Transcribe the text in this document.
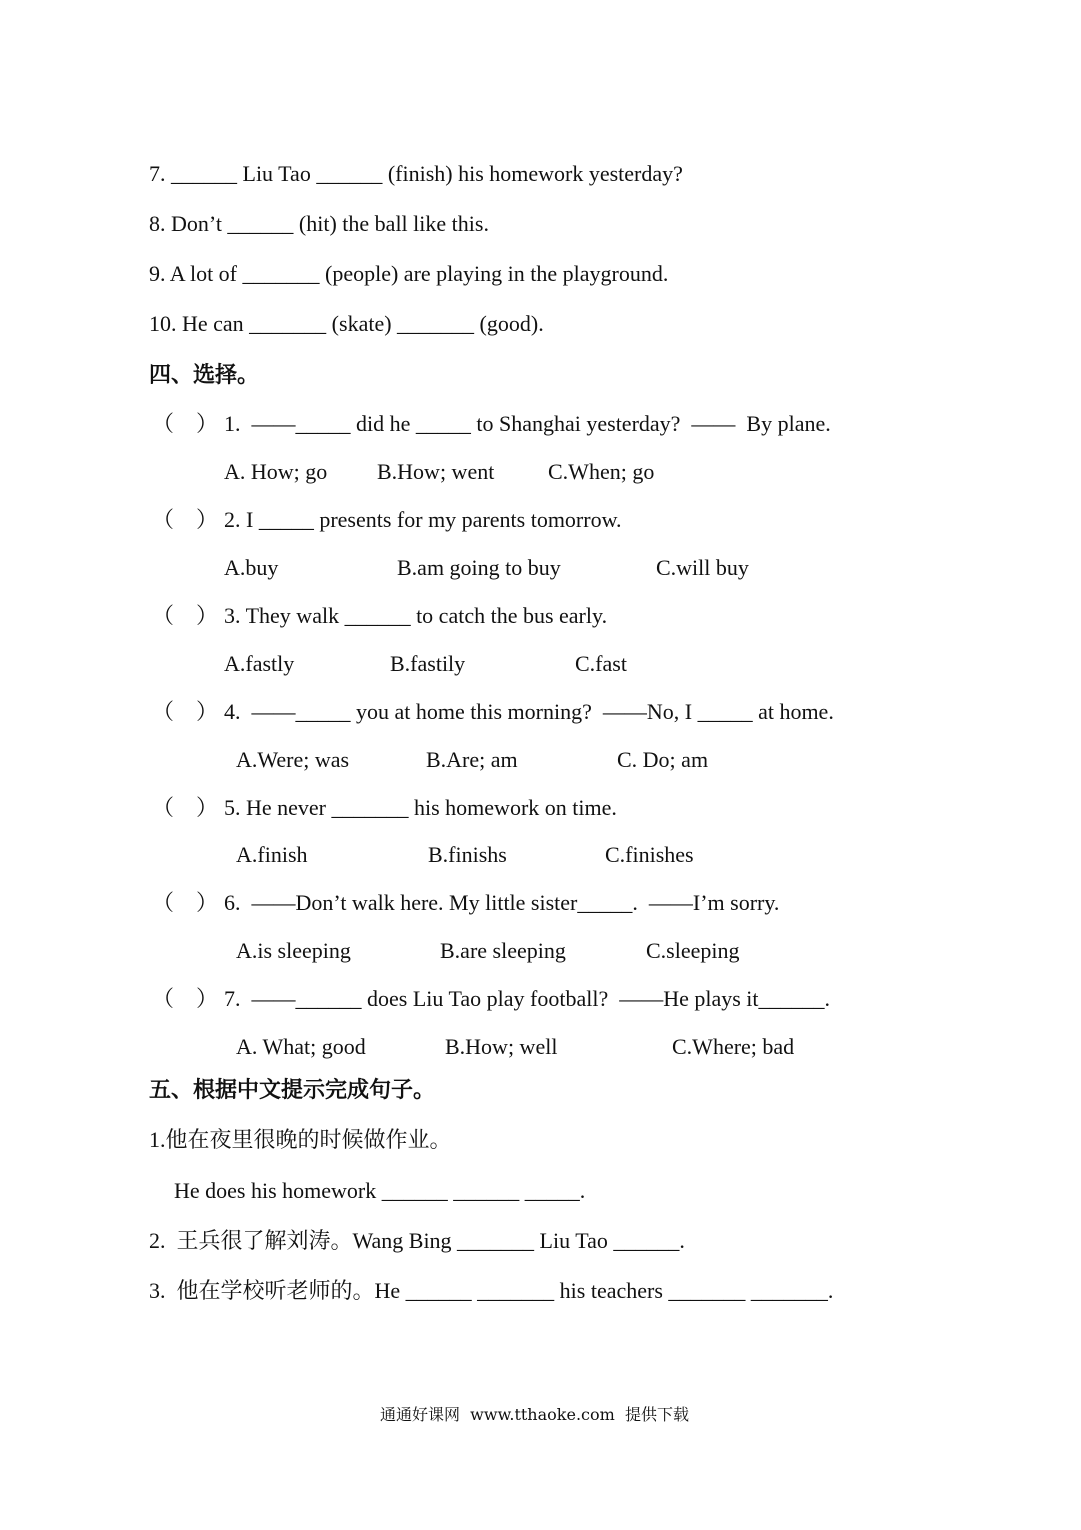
7. ______ Liu Tao ______ (finish) his homework yesterday?
8. Don’t ______ (hit) the ball like this.
9. A lot of _______ (people) are playing in the playground.
10. He can _______ (skate) _______ (good).
四、选择。
（    ） 1.  ——_____ did he _____ to Shanghai yesterday?  ——  By plane.
A. How; go B.How; went C.When; go
（    ） 2. I _____ presents for my parents tomorrow.
A.buy	B.am going to buy	C.will buy
（    ） 3. They walk ______ to catch the bus early.
A.fastly	B.fastily	C.fast
（    ） 4.  ——_____ you at home this morning?  ——No, I _____ at home.
A.Were; was	B.Are; am	C. Do; am
（    ） 5. He never _______ his homework on time.
A.finish	B.finishs	C.finishes
（    ） 6.  ——Don’t walk here. My little sister_____.  ——I’m sorry.
A.is sleeping	B.are sleeping	C.sleeping
（    ） 7.  ——______ does Liu Tao play football?  ——He plays it______.
A. What; good	B.How; well	C.Where; bad
五、根据中文提示完成句子。
1.他在夜里很晚的时候做作业。
He does his homework ______ ______ _____.
2.  王兵很了解刘涛。Wang Bing _______ Liu Tao ______.
3.  他在学校听老师的。He ______ _______ his teachers _______ _______.
通通好课网  www.tthaoke.com  提供下载
